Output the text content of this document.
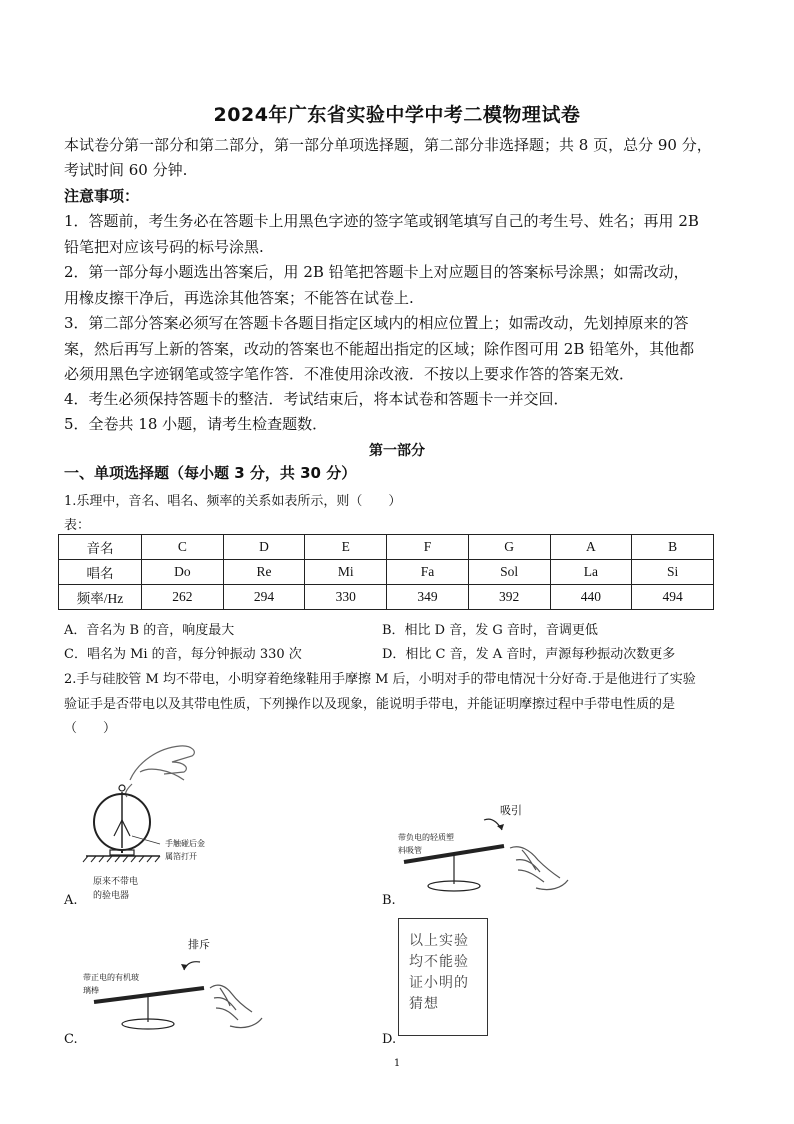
2024年广东省实验中学中考二模物理试卷
本试卷分第一部分和第二部分，第一部分单项选择题，第二部分非选择题；共 8 页，总分 90 分，
考试时间 60 分钟.
注意事项：
1．答题前，考生务必在答题卡上用黑色字迹的签字笔或钢笔填写自己的考生号、姓名；再用 2B
铅笔把对应该号码的标号涂黑.
2．第一部分每小题选出答案后，用 2B 铅笔把答题卡上对应题目的答案标号涂黑；如需改动，
用橡皮擦干净后，再选涂其他答案；不能答在试卷上.
3．第二部分答案必须写在答题卡各题目指定区域内的相应位置上；如需改动，先划掉原来的答
案，然后再写上新的答案，改动的答案也不能超出指定的区域；除作图可用 2B 铅笔外，其他都
必须用黑色字迹钢笔或签字笔作答．不准使用涂改液．不按以上要求作答的答案无效．
4．考生必须保持答题卡的整洁．考试结束后，将本试卷和答题卡一并交回．
5．全卷共 18 小题，请考生检查题数．
第一部分
一、单项选择题（每小题 3 分，共 30 分）
1.乐理中，音名、唱名、频率的关系如表所示，则（　　）
表：
音名	C	D	E	F	G	A	B
唱名	Do	Re	Mi	Fa	Sol	La	Si
频率/Hz	262	294	330	349	392	440	494
A．音名为 B 的音，响度最大	B．相比 D 音，发 G 音时，音调更低
C．唱名为 Mi 的音，每分钟振动 330 次	D．相比 C 音，发 A 音时，声源每秒振动次数更多
2.手与硅胶管 M 均不带电，小明穿着绝缘鞋用手摩擦 M 后，小明对手的带电情况十分好奇.于是他进行了实验
验证手是否带电以及其带电性质，下列操作以及现象，能说明手带电，并能证明摩擦过程中手带电性质的是
（　　）
手触碰后金
属箔打开
原来不带电
的验电器
A.
吸引
带负电的轻质塑
料吸管
B.
排斥
带正电的有机玻
璃棒
C.
以上实验
均不能验
证小明的
猜想
D.
1
